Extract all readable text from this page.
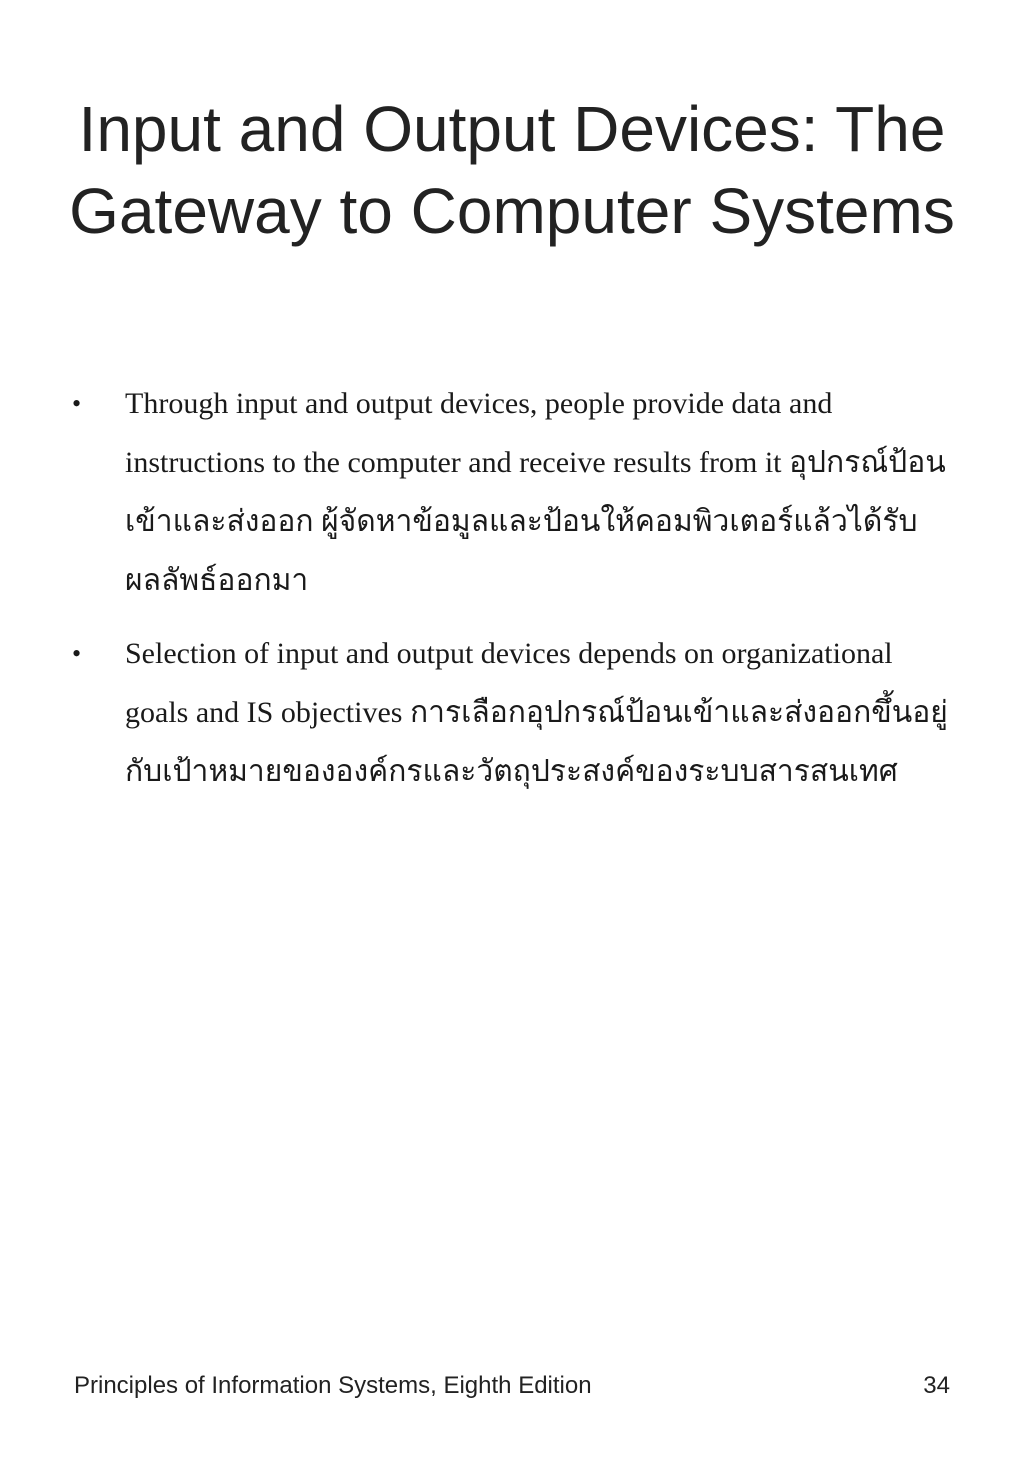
Input and Output Devices: The Gateway to Computer Systems
• Through input and output devices, people provide data and instructions to the computer and receive results from it อุปกรณ์ป้อนเข้าและส่งออก ผู้จัดหาข้อมูลและป้อนให้คอมพิวเตอร์แล้วได้รับผลลัพธ์ออกมา
• Selection of input and output devices depends on organizational goals and IS objectives การเลือกอุปกรณ์ป้อนเข้าและส่งออกขึ้นอยู่กับเป้าหมายขององค์กรและวัตถุประสงค์ของระบบสารสนเทศ
Principles of Information Systems, Eighth Edition	34
